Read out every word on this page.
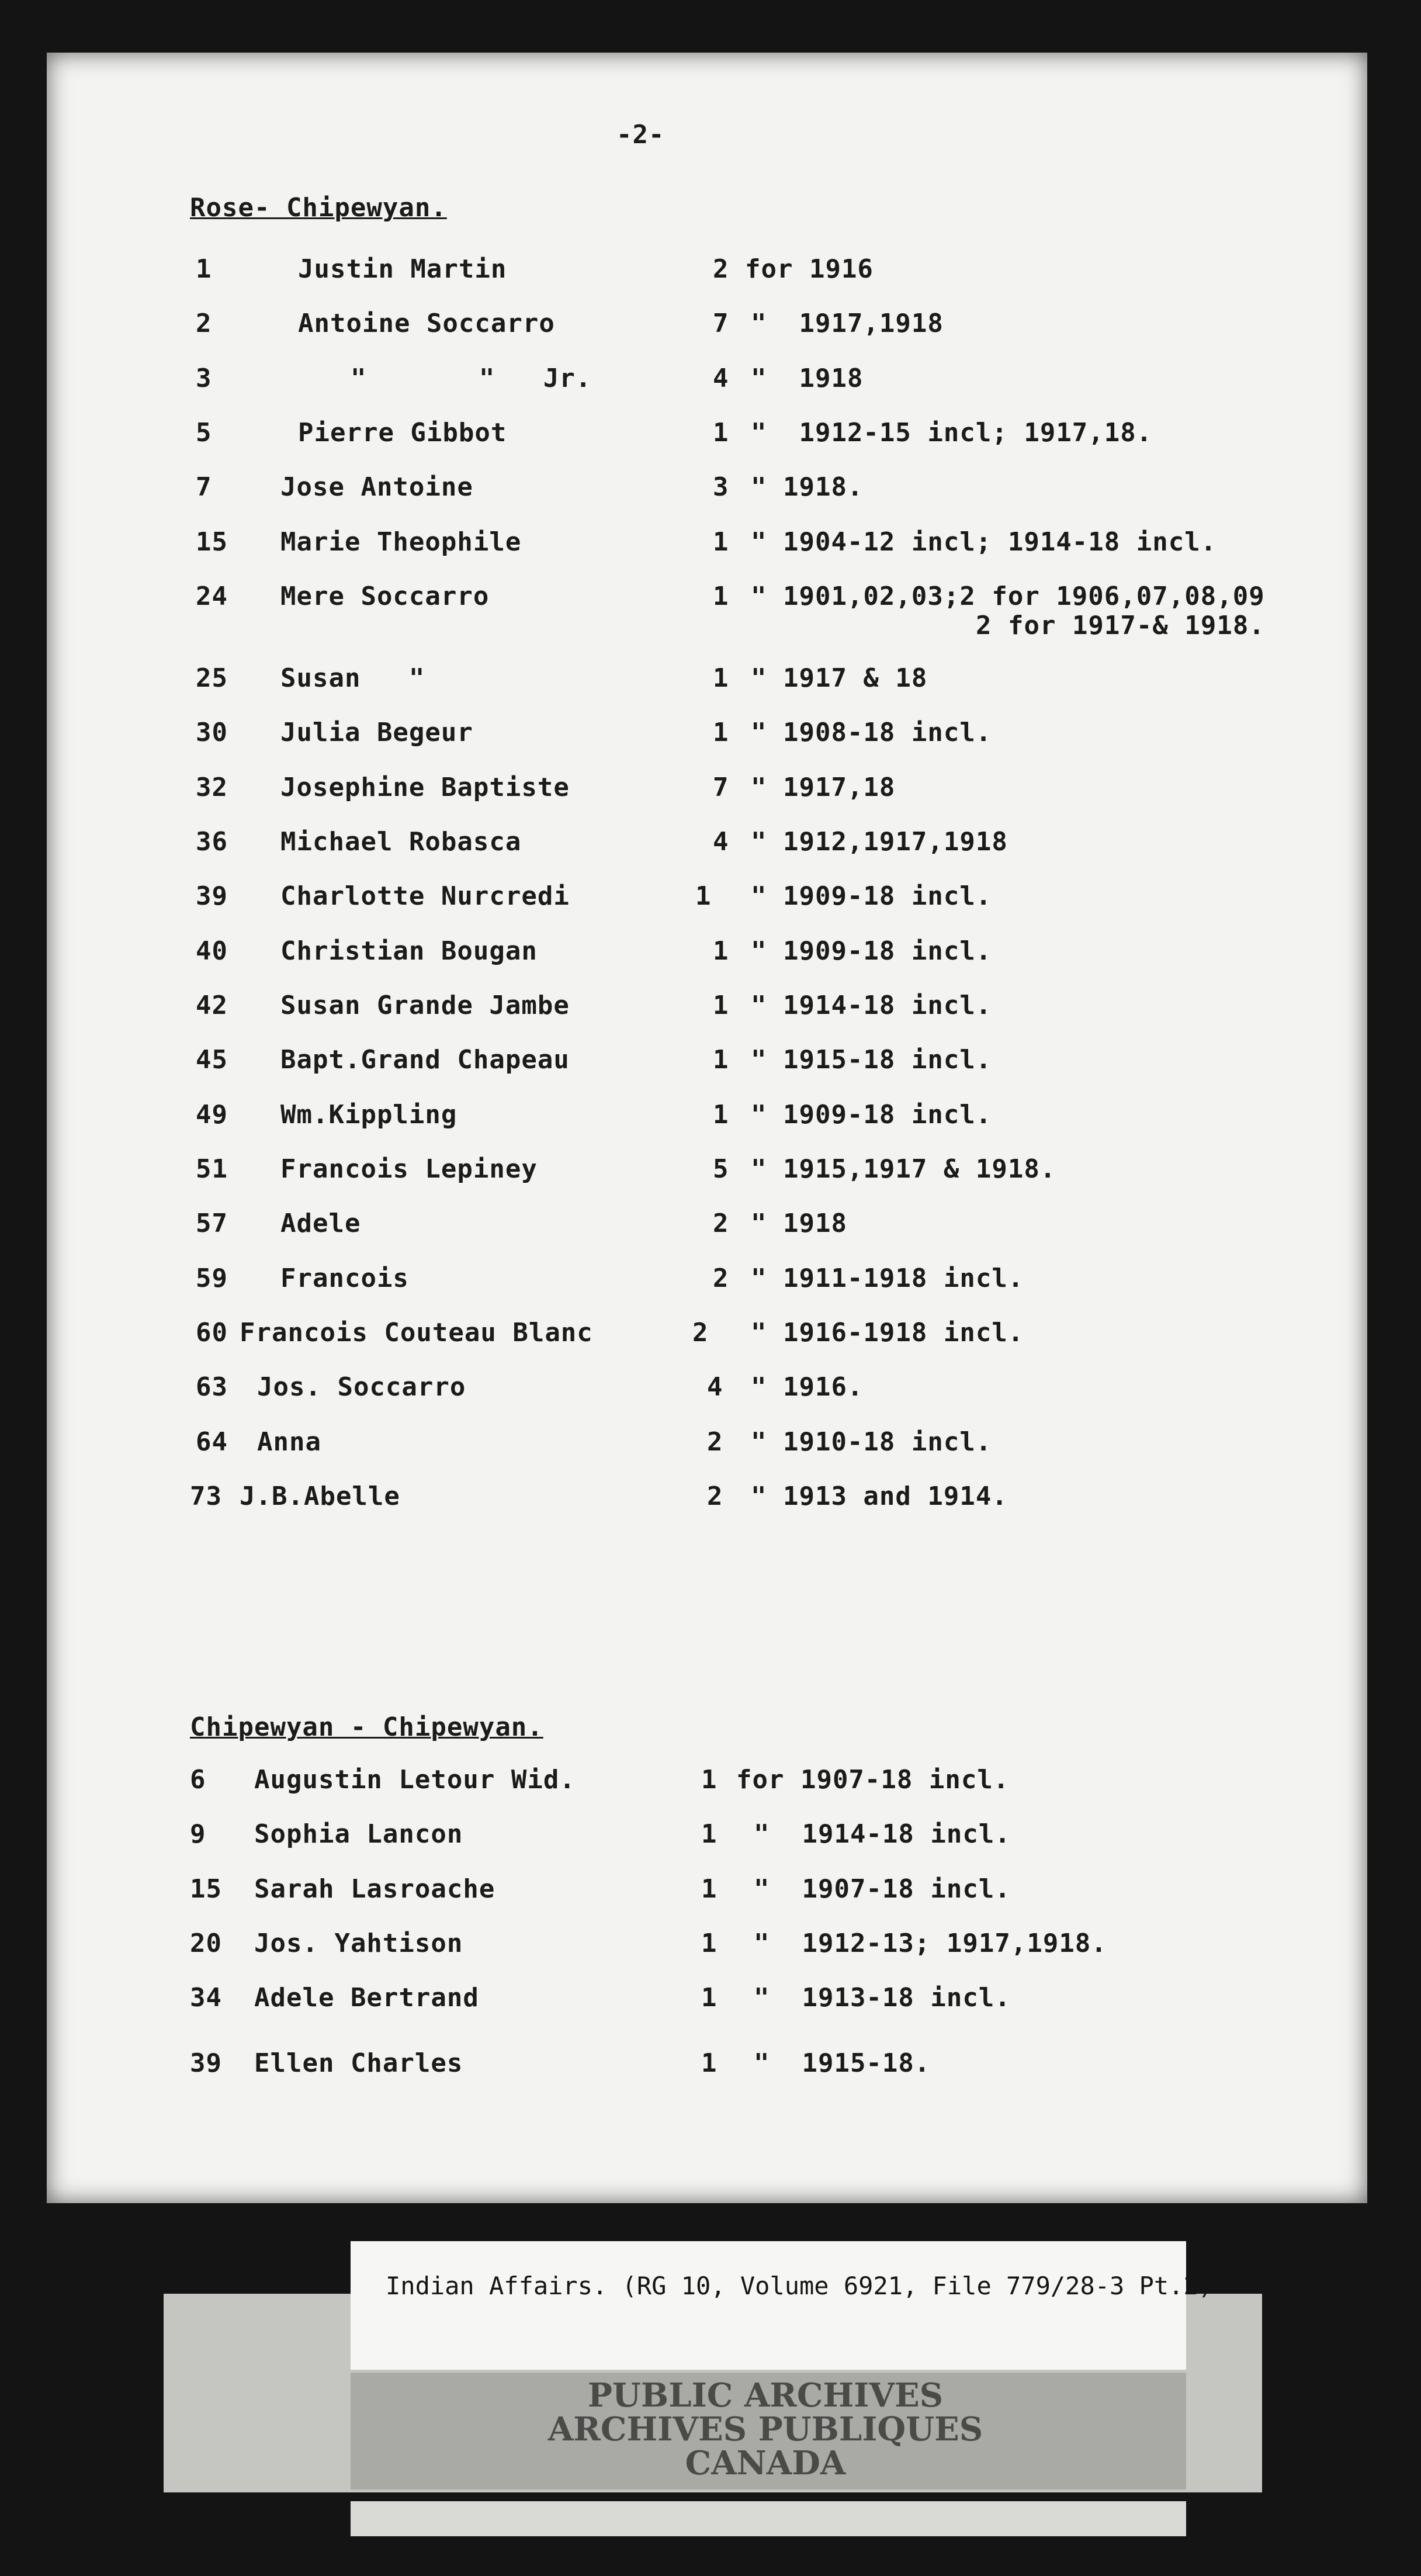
-2-
Rose- Chipewyan.
1	Justin Martin	2 for 1916
2	Antoine Soccarro	7 "  1917,1918
3	"       "   Jr.	4 "  1918
5	Pierre Gibbot	1 "  1912-15 incl; 1917,18.
7	Jose Antoine	3 " 1918.
15 Marie Theophile	1 " 1904-12 incl; 1914-18 incl.
24 Mere Soccarro	1 " 1901,02,03;2 for 1906,07,08,09
2 for 1917-& 1918.
25 Susan   "	1 " 1917 & 18
30 Julia Begeur	1 " 1908-18 incl.
32 Josephine Baptiste	7 " 1917,18
36 Michael Robasca	4 " 1912,1917,1918
39 Charlotte Nurcredi	1 " 1909-18 incl.
40 Christian Bougan	1 " 1909-18 incl.
42 Susan Grande Jambe	1 " 1914-18 incl.
45 Bapt.Grand Chapeau	1 " 1915-18 incl.
49 Wm.Kippling	1 " 1909-18 incl.
51 Francois Lepiney	5 " 1915,1917 & 1918.
57 Adele	2 " 1918
59 Francois	2 " 1911-1918 incl.
60 Francois Couteau Blanc	2 " 1916-1918 incl.
63 Jos. Soccarro	4 " 1916.
64 Anna	2 " 1910-18 incl.
73 J.B.Abelle	2 " 1913 and 1914.
Chipewyan - Chipewyan.
6 Augustin Letour Wid.	1 for 1907-18 incl.
9 Sophia Lancon	1 "  1914-18 incl.
15 Sarah Lasroache	1 "  1907-18 incl.
20 Jos. Yahtison	1 "  1912-13; 1917,1918.
34 Adele Bertrand	1 "  1913-18 incl.
39 Ellen Charles	1 "  1915-18.
Indian Affairs. (RG 10, Volume 6921, File 779/28-3 Pt.2)
PUBLIC ARCHIVES
ARCHIVES PUBLIQUES
CANADA
